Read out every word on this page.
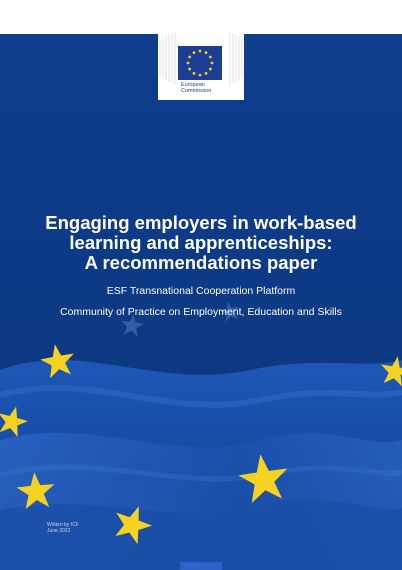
European
Commission
Engaging employers in work-based
learning and apprenticeships:
A recommendations paper
ESF Transnational Cooperation Platform
Community of Practice on Employment, Education and Skills
Written by ICF
June 2022
